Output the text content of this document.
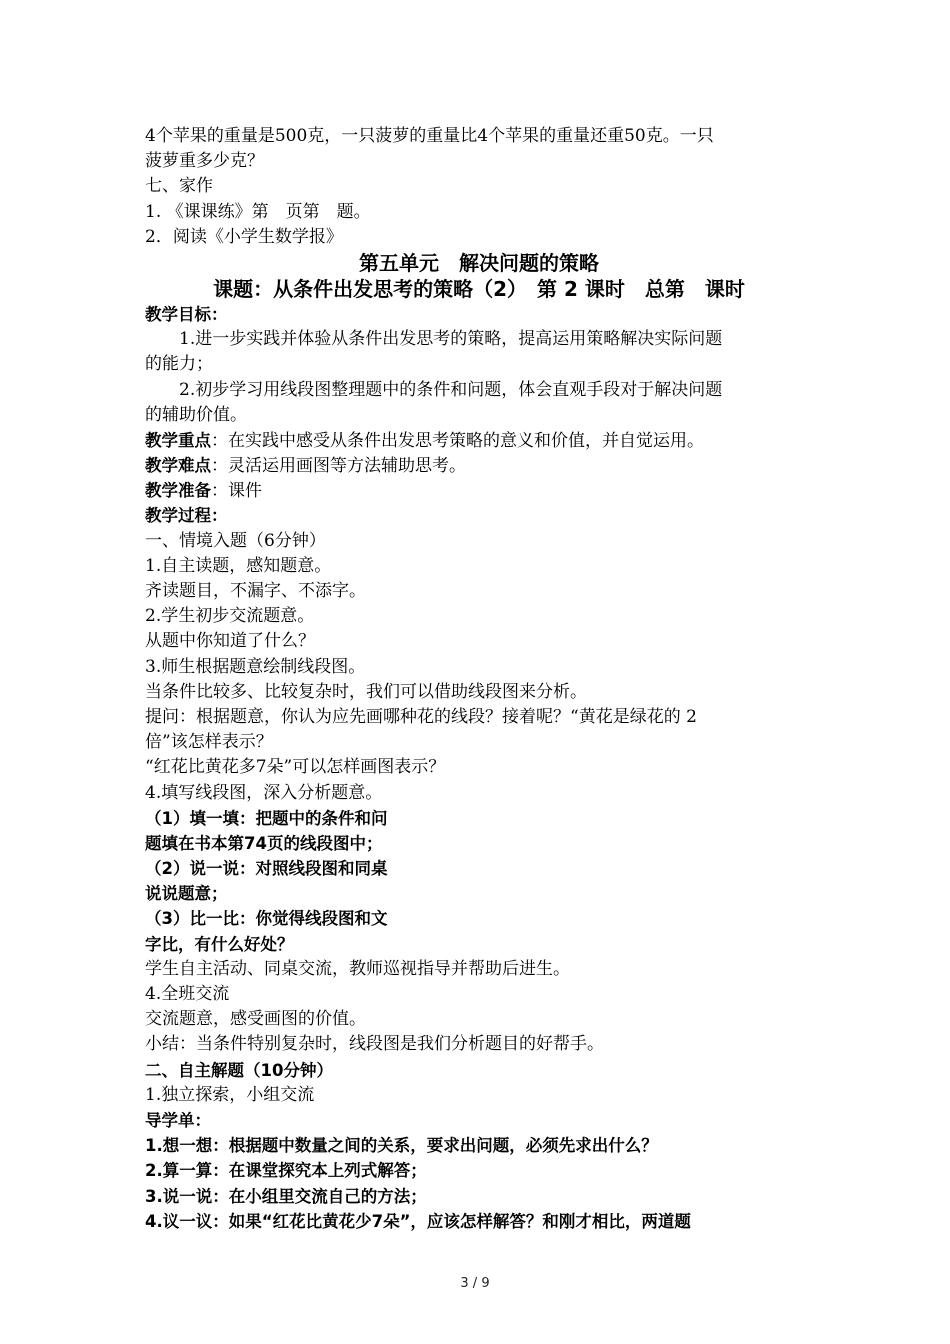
4个苹果的重量是500克，一只菠萝的重量比4个苹果的重量还重50克。一只
菠萝重多少克？
七、家作
1. 《课课练》第　页第　题。
2．阅读《小学生数学报》
第五单元　解决问题的策略
课题：从条件出发思考的策略（2）　第 2 课时　总第　课时
教学目标：
1.进一步实践并体验从条件出发思考的策略，提高运用策略解决实际问题
的能力；
2.初步学习用线段图整理题中的条件和问题，体会直观手段对于解决问题
的辅助价值。
教学重点：在实践中感受从条件出发思考策略的意义和价值，并自觉运用。
教学难点：灵活运用画图等方法辅助思考。
教学准备：课件
教学过程：
一、情境入题（6分钟）
1.自主读题，感知题意。
齐读题目，不漏字、不添字。
2.学生初步交流题意。
从题中你知道了什么？
3.师生根据题意绘制线段图。
当条件比较多、比较复杂时，我们可以借助线段图来分析。
提问：根据题意，你认为应先画哪种花的线段？接着呢？“黄花是绿花的 2
倍”该怎样表示？
“红花比黄花多7朵”可以怎样画图表示？
4.填写线段图，深入分析题意。
（1）填一填：把题中的条件和问
题填在书本第74页的线段图中；
（2）说一说：对照线段图和同桌
说说题意；
（3）比一比：你觉得线段图和文
字比，有什么好处？
学生自主活动、同桌交流，教师巡视指导并帮助后进生。
4.全班交流
交流题意，感受画图的价值。
小结：当条件特别复杂时，线段图是我们分析题目的好帮手。
二、自主解题（10分钟）
1.独立探索，小组交流
导学单：
1.想一想：根据题中数量之间的关系，要求出问题，必须先求出什么？
2.算一算：在课堂探究本上列式解答；
3.说一说：在小组里交流自己的方法；
4.议一议：如果“红花比黄花少7朵”，应该怎样解答？和刚才相比，两道题
3 / 9
